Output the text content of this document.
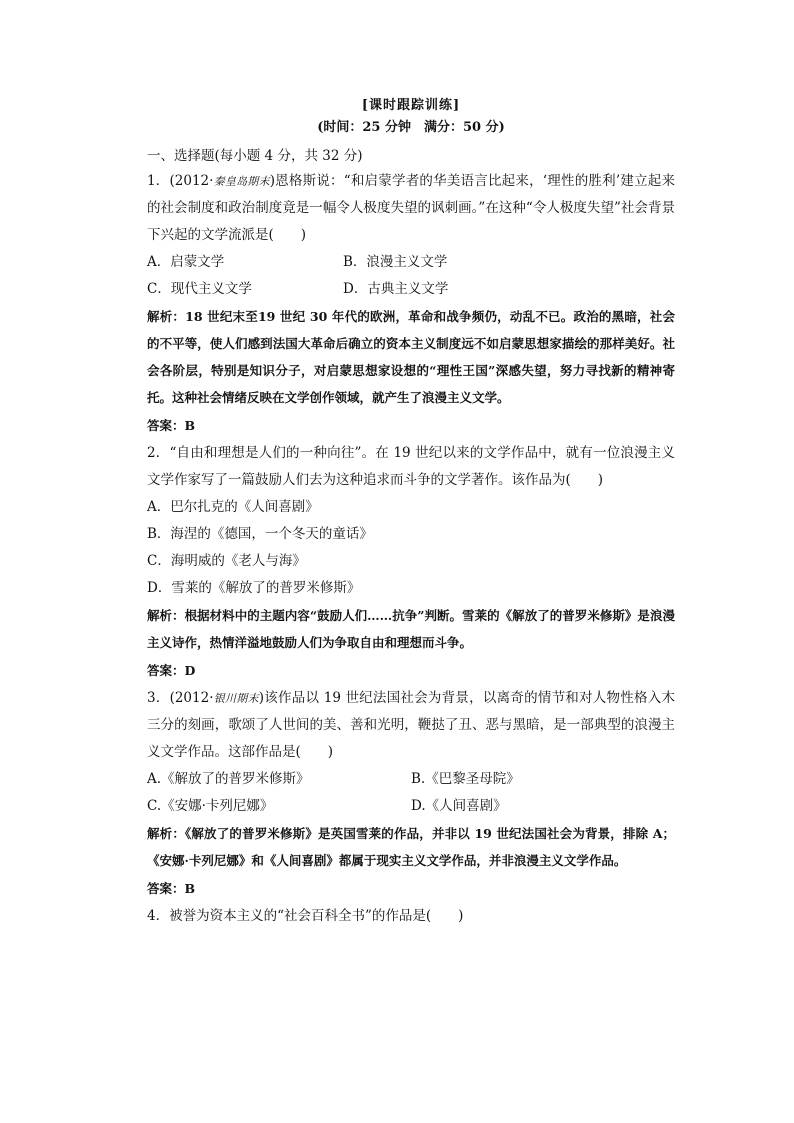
[课时跟踪训练]
(时间：25 分钟　满分：50 分)
一、选择题(每小题 4 分，共 32 分)
1．(2012·秦皇岛期末)恩格斯说：“和启蒙学者的华美语言比起来，‘理性的胜利’建立起来的社会制度和政治制度竟是一幅令人极度失望的讽刺画。”在这种“令人极度失望”社会背景下兴起的文学流派是(　　)
A．启蒙文学	B．浪漫主义文学
C．现代主义文学	D．古典主义文学
解析：18 世纪末至19 世纪 30 年代的欧洲，革命和战争频仍，动乱不已。政治的黑暗，社会的不平等，使人们感到法国大革命后确立的资本主义制度远不如启蒙思想家描绘的那样美好。社会各阶层，特别是知识分子，对启蒙思想家设想的“理性王国”深感失望，努力寻找新的精神寄托。这种社会情绪反映在文学创作领域，就产生了浪漫主义文学。
答案：B
2．“自由和理想是人们的一种向往”。在 19 世纪以来的文学作品中，就有一位浪漫主义文学作家写了一篇鼓励人们去为这种追求而斗争的文学著作。该作品为(　　)
A．巴尔扎克的《人间喜剧》
B．海涅的《德国，一个冬天的童话》
C．海明威的《老人与海》
D．雪莱的《解放了的普罗米修斯》
解析：根据材料中的主题内容“鼓励人们……抗争”判断。雪莱的《解放了的普罗米修斯》是浪漫主义诗作，热情洋溢地鼓励人们为争取自由和理想而斗争。
答案：D
3．(2012·银川期末)该作品以 19 世纪法国社会为背景，以离奇的情节和对人物性格入木三分的刻画，歌颂了人世间的美、善和光明，鞭挞了丑、恶与黑暗，是一部典型的浪漫主义文学作品。这部作品是(　　)
A.《解放了的普罗米修斯》	B.《巴黎圣母院》
C.《安娜·卡列尼娜》	D.《人间喜剧》
解析：《解放了的普罗米修斯》是英国雪莱的作品，并非以 19 世纪法国社会为背景，排除 A；《安娜·卡列尼娜》和《人间喜剧》都属于现实主义文学作品，并非浪漫主义文学作品。
答案：B
4．被誉为资本主义的“社会百科全书”的作品是(　　)
